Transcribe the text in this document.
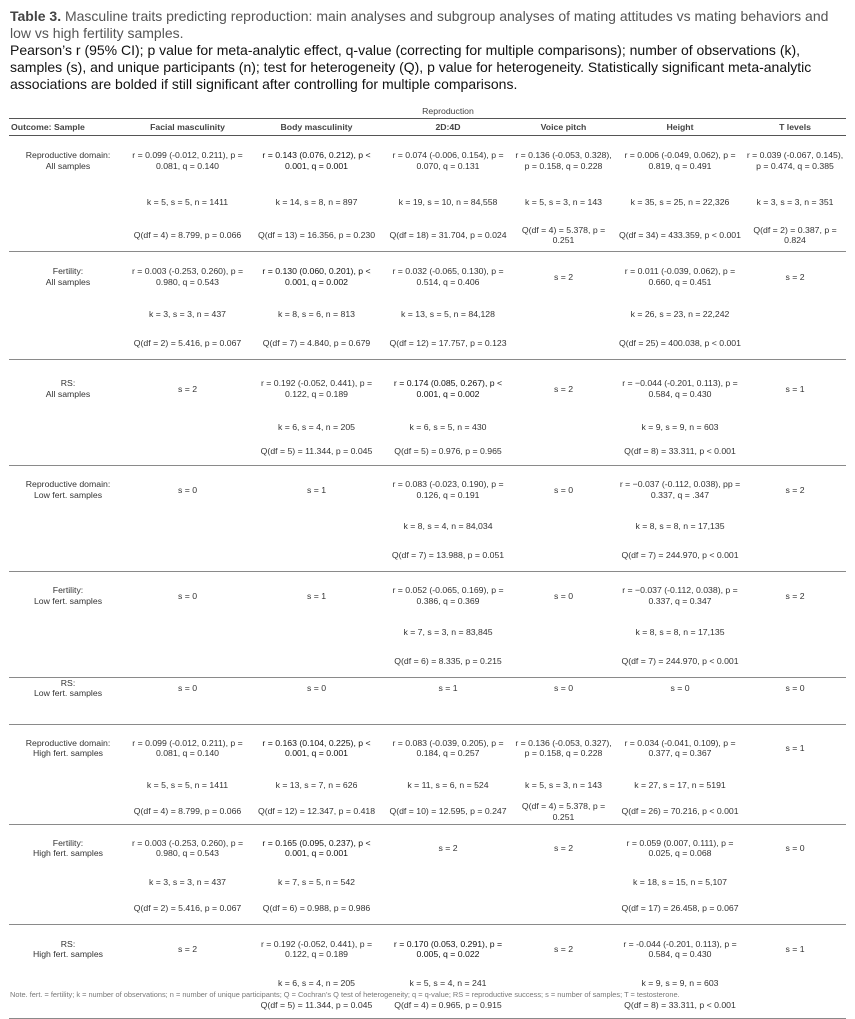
Table 3. Masculine traits predicting reproduction: main analyses and subgroup analyses of mating attitudes vs mating behaviors and low vs high fertility samples.

Pearson’s r (95% CI); p value for meta-analytic effect, q-value (correcting for multiple comparisons); number of observations (k), samples (s), and unique participants (n); test for heterogeneity (Q), p value for heterogeneity. Statistically significant meta-analytic associations are bolded if still significant after controlling for multiple comparisons.

			Reproduction			
Outcome: Sample	Facial masculinity	Body masculinity	2D:4D	Voice pitch	Height	T levels

Reproductive domain:
All samples	r = 0.099 (-0.012, 0.211), p = 0.081, q = 0.140	r = 0.143 (0.076, 0.212), p < 0.001, q = 0.001	r = 0.074 (-0.006, 0.154), p = 0.070, q = 0.131	r = 0.136 (-0.053, 0.328), p = 0.158, q = 0.228	r = 0.006 (-0.049, 0.062), p = 0.819, q = 0.491	r = 0.039 (-0.067, 0.145), p = 0.474, q = 0.385
	k = 5, s = 5, n = 1411	k = 14, s = 8, n = 897	k = 19, s = 10, n = 84,558	k = 5, s = 3, n = 143	k = 35, s = 25, n = 22,326	k = 3, s = 3, n = 351
	Q(df = 4) = 8.799, p = 0.066	Q(df = 13) = 16.356, p = 0.230	Q(df = 18) = 31.704, p = 0.024	Q(df = 4) = 5.378, p = 0.251	Q(df = 34) = 433.359, p < 0.001	Q(df = 2) = 0.387, p = 0.824

Fertility:
All samples	r = 0.003 (-0.253, 0.260), p = 0.980, q = 0.543	r = 0.130 (0.060, 0.201), p < 0.001, q = 0.002	r = 0.032 (-0.065, 0.130), p = 0.514, q = 0.406	s = 2	r = 0.011 (-0.039, 0.062), p = 0.660, q = 0.451	s = 2
	k = 3, s = 3, n = 437	k = 8, s = 6, n = 813	k = 13, s = 5, n = 84,128		k = 26, s = 23, n = 22,242	
	Q(df = 2) = 5.416, p = 0.067	Q(df = 7) = 4.840, p = 0.679	Q(df = 12) = 17.757, p = 0.123		Q(df = 25) = 400.038, p < 0.001	

RS:
All samples	s = 2	r = 0.192 (-0.052, 0.441), p = 0.122, q = 0.189	r = 0.174 (0.085, 0.267), p < 0.001, q = 0.002	s = 2	r = −0.044 (-0.201, 0.113), p = 0.584, q = 0.430	s = 1
		k = 6, s = 4, n = 205	k = 6, s = 5, n = 430		k = 9, s = 9, n = 603	
		Q(df = 5) = 11.344, p = 0.045	Q(df = 5) = 0.976, p = 0.965		Q(df = 8) = 33.311, p < 0.001	

Reproductive domain:
Low fert. samples	s = 0	s = 1	r = 0.083 (-0.023, 0.190), p = 0.126, q = 0.191	s = 0	r = −0.037 (-0.112, 0.038), pp = 0.337, q = .347	s = 2
			k = 8, s = 4, n = 84,034		k = 8, s = 8, n = 17,135	
			Q(df = 7) = 13.988, p = 0.051		Q(df = 7) = 244.970, p < 0.001	

Fertility:
Low fert. samples	s = 0	s = 1	r = 0.052 (-0.065, 0.169), p = 0.386, q = 0.369	s = 0	r = −0.037 (-0.112, 0.038), p = 0.337, q = 0.347	s = 2
			k = 7, s = 3, n = 83,845		k = 8, s = 8, n = 17,135	
			Q(df = 6) = 8.335, p = 0.215		Q(df = 7) = 244.970, p < 0.001	

RS:
Low fert. samples	s = 0	s = 0	s = 1	s = 0	s = 0	s = 0

Reproductive domain:
High fert. samples	r = 0.099 (-0.012, 0.211), p = 0.081, q = 0.140	r = 0.163 (0.104, 0.225), p < 0.001, q = 0.001	r = 0.083 (-0.039, 0.205), p = 0.184, q = 0.257	r = 0.136 (-0.053, 0.327), p = 0.158, q = 0.228	r = 0.034 (-0.041, 0.109), p = 0.377, q = 0.367	s = 1
	k = 5, s = 5, n = 1411	k = 13, s = 7, n = 626	k = 11, s = 6, n = 524	k = 5, s = 3, n = 143	k = 27, s = 17, n = 5191	
	Q(df = 4) = 8.799, p = 0.066	Q(df = 12) = 12.347, p = 0.418	Q(df = 10) = 12.595, p = 0.247	Q(df = 4) = 5.378, p = 0.251	Q(df = 26) = 70.216, p < 0.001	

Fertility:
High fert. samples	r = 0.003 (-0.253, 0.260), p = 0.980, q = 0.543	r = 0.165 (0.095, 0.237), p < 0.001, q = 0.001	s = 2	s = 2	r = 0.059 (0.007, 0.111), p = 0.025, q = 0.068	s = 0
	k = 3, s = 3, n = 437	k = 7, s = 5, n = 542			k = 18, s = 15, n = 5,107	
	Q(df = 2) = 5.416, p = 0.067	Q(df = 6) = 0.988, p = 0.986			Q(df = 17) = 26.458, p = 0.067	

RS:
High fert. samples	s = 2	r = 0.192 (-0.052, 0.441), p = 0.122, q = 0.189	r = 0.170 (0.053, 0.291), p = 0.005, q = 0.022	s = 2	r = -0.044 (-0.201, 0.113), p = 0.584, q = 0.430	s = 1
		k = 6, s = 4, n = 205	k = 5, s = 4, n = 241		k = 9, s = 9, n = 603	
		Q(df = 5) = 11.344, p = 0.045	Q(df = 4) = 0.965, p = 0.915		Q(df = 8) = 33.311, p < 0.001	

Note. fert. = fertility; k = number of observations; n = number of unique participants; Q = Cochran’s Q test of heterogeneity; q = q-value; RS = reproductive success; s = number of samples; T = testosterone.
